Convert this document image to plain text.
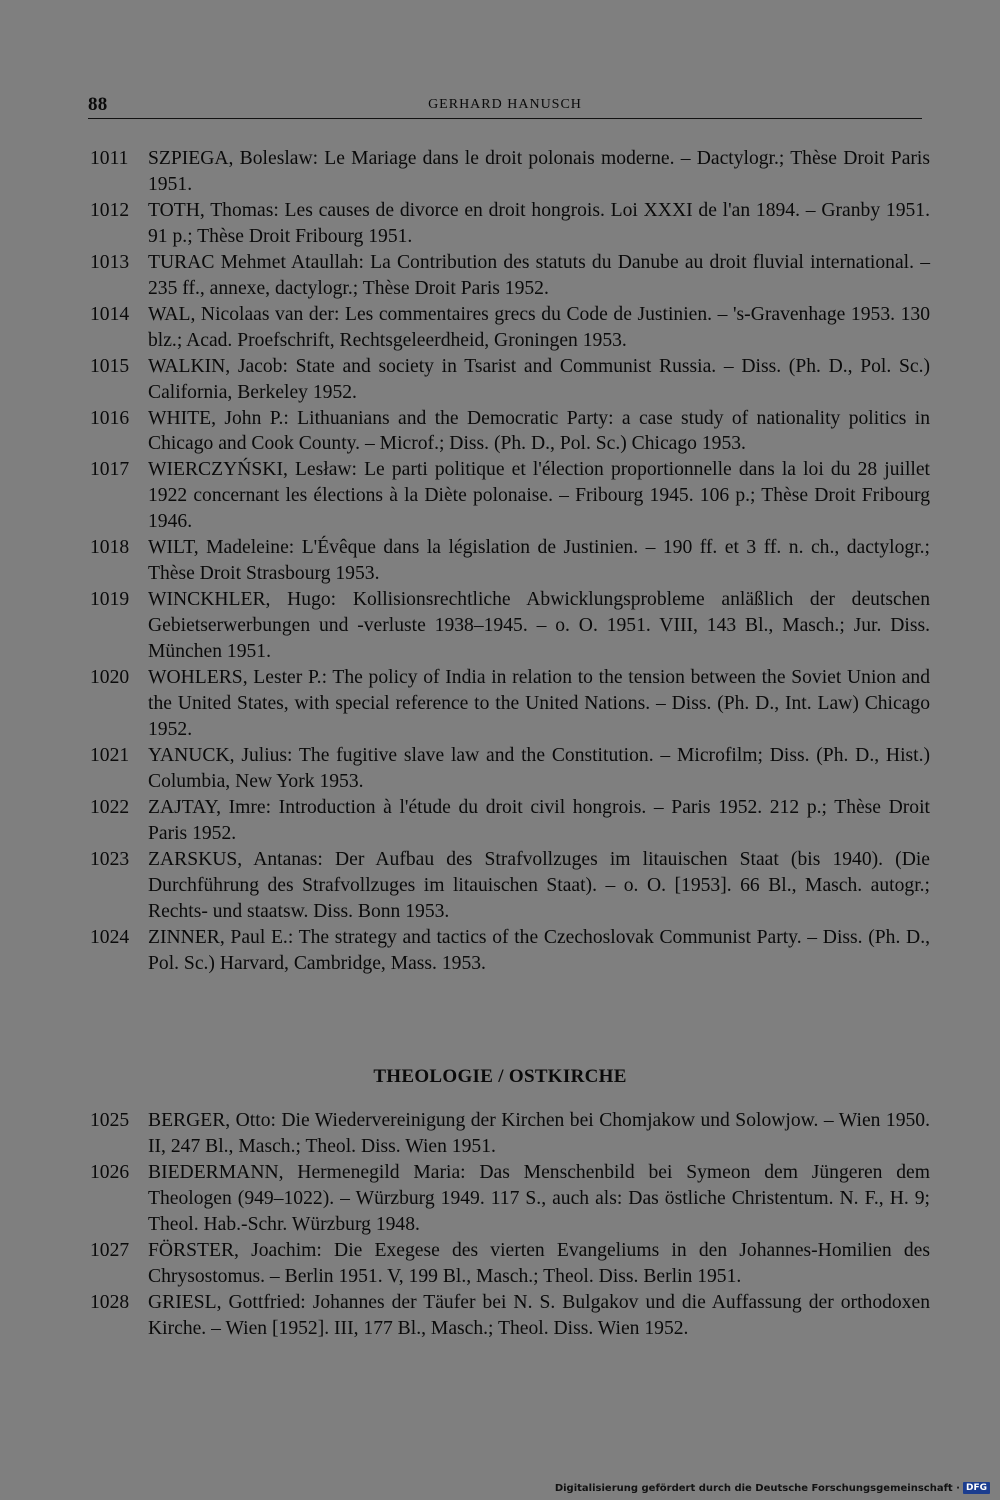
88	GERHARD HANUSCH

1011 SZPIEGA, Boleslaw: Le Mariage dans le droit polonais moderne. – Dactylogr.; Thèse Droit Paris 1951.

1012 TOTH, Thomas: Les causes de divorce en droit hongrois. Loi XXXI de l'an 1894. – Granby 1951. 91 p.; Thèse Droit Fribourg 1951.

1013 TURAC Mehmet Ataullah: La Contribution des statuts du Danube au droit fluvial international. – 235 ff., annexe, dactylogr.; Thèse Droit Paris 1952.

1014 WAL, Nicolaas van der: Les commentaires grecs du Code de Justinien. – 's-Gravenhage 1953. 130 blz.; Acad. Proefschrift, Rechtsgeleerdheid, Groningen 1953.

1015 WALKIN, Jacob: State and society in Tsarist and Communist Russia. – Diss. (Ph. D., Pol. Sc.) California, Berkeley 1952.

1016 WHITE, John P.: Lithuanians and the Democratic Party: a case study of nationality politics in Chicago and Cook County. – Microf.; Diss. (Ph. D., Pol. Sc.) Chicago 1953.

1017 WIERCZYŃSKI, Lesław: Le parti politique et l'élection proportionnelle dans la loi du 28 juillet 1922 concernant les élections à la Diète polonaise. – Fribourg 1945. 106 p.; Thèse Droit Fribourg 1946.

1018 WILT, Madeleine: L'Évêque dans la législation de Justinien. – 190 ff. et 3 ff. n. ch., dactylogr.; Thèse Droit Strasbourg 1953.

1019 WINCKHLER, Hugo: Kollisionsrechtliche Abwicklungsprobleme anläßlich der deutschen Gebietserwerbungen und -verluste 1938–1945. – o. O. 1951. VIII, 143 Bl., Masch.; Jur. Diss. München 1951.

1020 WOHLERS, Lester P.: The policy of India in relation to the tension between the Soviet Union and the United States, with special reference to the United Nations. – Diss. (Ph. D., Int. Law) Chicago 1952.

1021 YANUCK, Julius: The fugitive slave law and the Constitution. – Microfilm; Diss. (Ph. D., Hist.) Columbia, New York 1953.

1022 ZAJTAY, Imre: Introduction à l'étude du droit civil hongrois. – Paris 1952. 212 p.; Thèse Droit Paris 1952.

1023 ZARSKUS, Antanas: Der Aufbau des Strafvollzuges im litauischen Staat (bis 1940). (Die Durchführung des Strafvollzuges im litauischen Staat). – o. O. [1953]. 66 Bl., Masch. autogr.; Rechts- und staatsw. Diss. Bonn 1953.

1024 ZINNER, Paul E.: The strategy and tactics of the Czechoslovak Communist Party. – Diss. (Ph. D., Pol. Sc.) Harvard, Cambridge, Mass. 1953.

THEOLOGIE / OSTKIRCHE

1025 BERGER, Otto: Die Wiedervereinigung der Kirchen bei Chomjakow und Solowjow. – Wien 1950. II, 247 Bl., Masch.; Theol. Diss. Wien 1951.

1026 BIEDERMANN, Hermenegild Maria: Das Menschenbild bei Symeon dem Jüngeren dem Theologen (949–1022). – Würzburg 1949. 117 S., auch als: Das östliche Christentum. N. F., H. 9; Theol. Hab.-Schr. Würzburg 1948.

1027 FÖRSTER, Joachim: Die Exegese des vierten Evangeliums in den Johannes-Homilien des Chrysostomus. – Berlin 1951. V, 199 Bl., Masch.; Theol. Diss. Berlin 1951.

1028 GRIESL, Gottfried: Johannes der Täufer bei N. S. Bulgakov und die Auffassung der orthodoxen Kirche. – Wien [1952]. III, 177 Bl., Masch.; Theol. Diss. Wien 1952.

Digitalisierung gefördert durch die Deutsche Forschungsgemeinschaft · DFG
